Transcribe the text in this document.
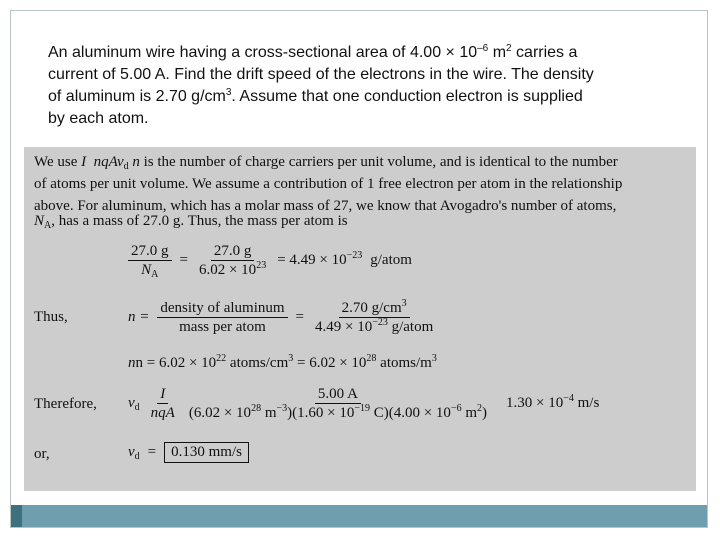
An aluminum wire having a cross-sectional area of $4.00 \times 10^{-6}$ $m^2$ carries a

current of 5.00 A. Find the drift speed of the electrons in the wire. The density

of aluminum is 2.70 $g/cm^3$. Assume that one conduction electron is supplied

by each atom.

We use I nqAv$_d$ n is the number of charge carriers per unit volume, and is identical to the number

of atoms per unit volume. We assume a contribution of 1 free electron per atom in the relationship

above. For aluminum, which has a molar mass of 27, we know that Avogadro's number of atoms,

$N_A$, has a mass of 27.0 g. Thus, the mass per atom is
$\frac{27.0 g}{N_A} = \frac{27.0 g}{6.02 \times 10^{23}} = 4.49 \times 10^{-23}$ g/atom
Thus,	$n = \frac{\text{density of aluminum}}{\text{mass per atom}} = \frac{2.70 g/cm^3}{4.49 \times 10^{-23} g/atom}$
nn = $6.02 \times 10^{22}$ atoms/$cm^3 = 6.02 \times 10^{28}$ atoms/$m^3$
Therefore, $v_d \frac{I}{\text{nqA}} \frac{5.00 A}{(6.02 \times 10^{28} m^{-3})(1.60 \times 10^{-19} C)(4.00 \times 10^{-6} m^2)} 1.30 \times 10^{-4}$ m/s
or,	$v_d$ =	0.130 mm/s
